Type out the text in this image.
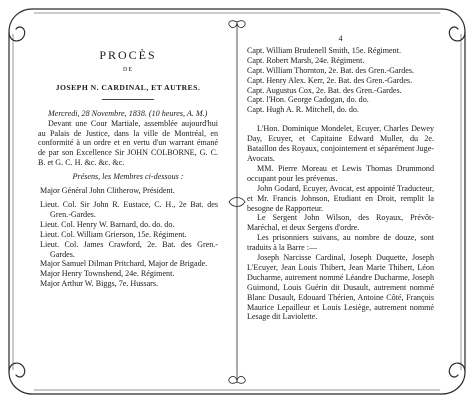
PROCÈS
DE
JOSEPH N. CARDINAL, ET AUTRES.

Mercredi, 28 Novembre, 1838. (10 heures, A. M.)

Devant une Cour Martiale, assemblée aujourd'hui au Palais de Justice, dans la ville de Montréal, en conformité à un ordre et en vertu d'un warrant émané de par son Excellence Sir JOHN COLBORNE, G. C. B. et G. C. H. &c. &c. &c.

Présens, les Membres ci-dessous :

Major Général John Clitherow, Président.

Lieut. Col. Sir John R. Eustace, C. H., 2e Bat. des Gren.-Gardes.

Lieut. Col. Henry W. Barnard, do. do. do.

Lieut. Col. William Grierson, 15e. Régiment.

Lieut. Col. James Crawford, 2e. Bat. des Gren.-Gardes.

Major Samuel Dilman Pritchard, Major de Brigade.

Major Henry Townshend, 24e. Régiment.

Major Arthur W. Biggs, 7e. Hussars.

4

Capt. William Brudenell Smith, 15e. Régiment.

Capt. Robert Marsh, 24e. Régiment.

Capt. William Thornton, 2e. Bat. des Gren.-Gardes.

Capt. Henry Alex. Kerr, 2e. Bat. des Gren.-Gardes.

Capt. Augustus Cox, 2e. Bat. des Gren.-Gardes.

Capt. l'Hon. George Cadogan, do. do.

Capt. Hugh A. R. Mitchell, do. do.

L'Hon. Dominique Mondelet, Ecuyer, Charles Dewey Day, Ecuyer, et Capitaine Edward Muller, du 2e. Bataillon des Royaux, conjointement et séparément Juge-Avocats.

MM. Pierre Moreau et Lewis Thomas Drummond occupant pour les prévenus.

John Godard, Ecuyer, Avocat, est appointé Traducteur, et Mr. Francis Johnson, Etudiant en Droit, remplit la besogne de Rapporteur.

Le Sergent John Wilson, des Royaux, Prévôt-Maréchal, et deux Sergens d'ordre.

Les prisonniers suivans, au nombre de douze, sont traduits à la Barre :—

Joseph Narcisse Cardinal, Joseph Duquette, Joseph L'Ecuyer, Jean Louis Thibert, Jean Marie Thibert, Léon Ducharme, autrement nommé Léandre Ducharme, Joseph Guimond, Louis Guérin dit Dusault, autrement nommé Blanc Dusault, Edouard Thérien, Antoine Côté, François Maurice Lepailleur et Louis Lesiège, autrement nommé Lesage dit Laviolette.
